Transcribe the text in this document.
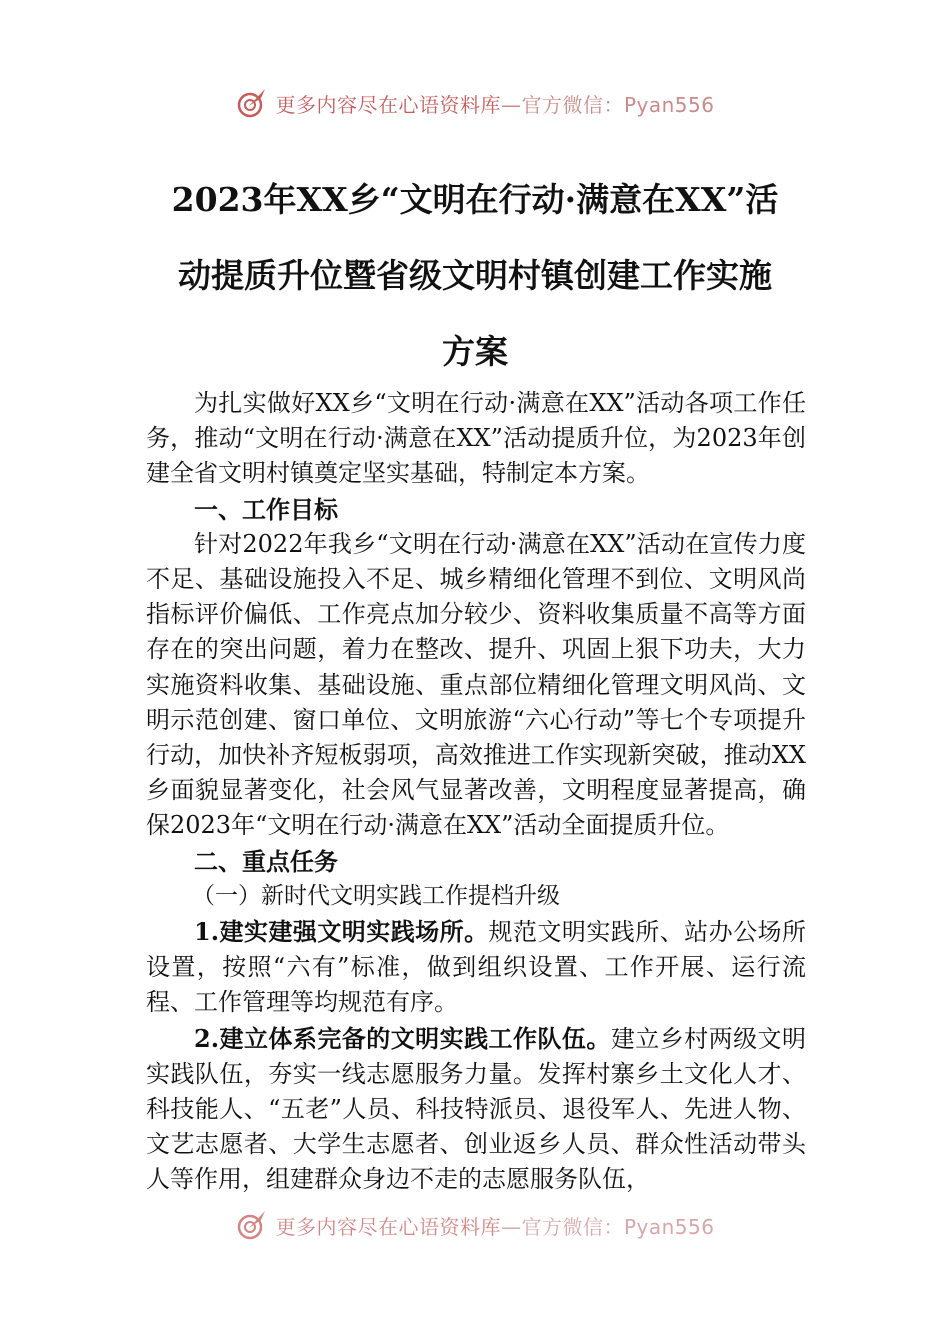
更多内容尽在心语资料库 —官方微信：Pyan556
2023年XX乡“文明在行动·满意在XX”活
动提质升位暨省级文明村镇创建工作实施
方案

为扎实做好XX乡“文明在行动·满意在XX”活动各项工作任务，推动“文明在行动·满意在XX”活动提质升位，为2023年创建全省文明村镇奠定坚实基础，特制定本方案。

一、工作目标

针对2022年我乡“文明在行动·满意在XX”活动在宣传力度不足、基础设施投入不足、城乡精细化管理不到位、文明风尚指标评价偏低、工作亮点加分较少、资料收集质量不高等方面存在的突出问题，着力在整改、提升、巩固上狠下功夫，大力实施资料收集、基础设施、重点部位精细化管理文明风尚、文明示范创建、窗口单位、文明旅游“六心行动”等七个专项提升行动，加快补齐短板弱项，高效推进工作实现新突破，推动XX乡面貌显著变化，社会风气显著改善，文明程度显著提高，确保2023年“文明在行动·满意在XX”活动全面提质升位。

二、重点任务

（一）新时代文明实践工作提档升级

1.建实建强文明实践场所。规范文明实践所、站办公场所设置，按照“六有”标准，做到组织设置、工作开展、运行流程、工作管理等均规范有序。

2.建立体系完备的文明实践工作队伍。建立乡村两级文明实践队伍，夯实一线志愿服务力量。发挥村寨乡土文化人才、科技能人、“五老”人员、科技特派员、退役军人、先进人物、文艺志愿者、大学生志愿者、创业返乡人员、群众性活动带头人等作用，组建群众身边不走的志愿服务队伍，

更多内容尽在心语资料库 —官方微信：Pyan556
